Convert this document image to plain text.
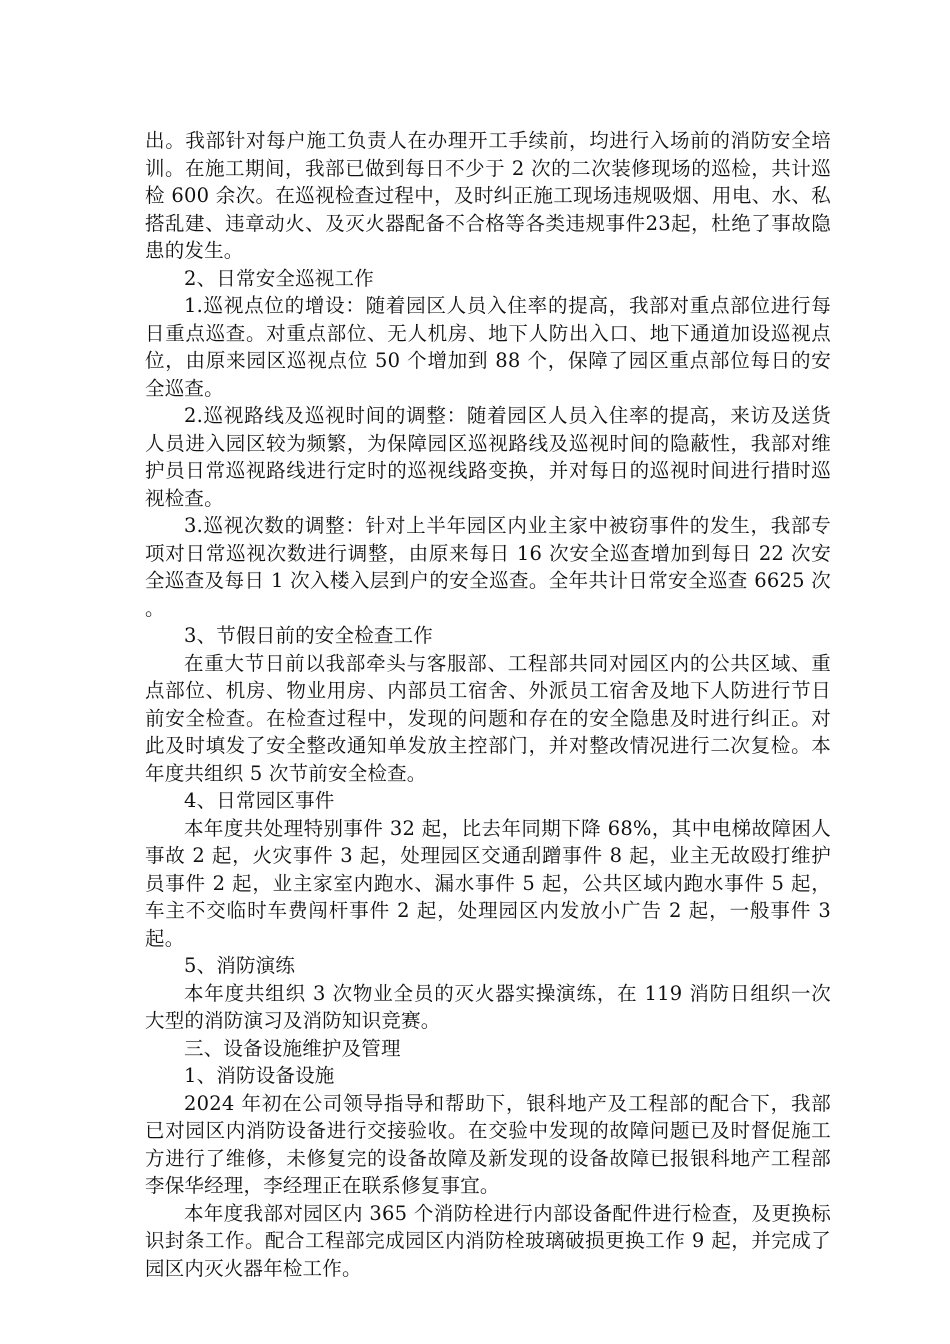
出。我部针对每户施工负责人在办理开工手续前，均进行入场前的消防安全培训。在施工期间，我部已做到每日不少于 2 次的二次装修现场的巡检，共计巡检 600 余次。在巡视检查过程中，及时纠正施工现场违规吸烟、用电、水、私搭乱建、违章动火、及灭火器配备不合格等各类违规事件23起，杜绝了事故隐患的发生。

2、日常安全巡视工作

1.巡视点位的增设：随着园区人员入住率的提高，我部对重点部位进行每日重点巡查。对重点部位、无人机房、地下人防出入口、地下通道加设巡视点位，由原来园区巡视点位 50 个增加到 88 个，保障了园区重点部位每日的安全巡查。

2.巡视路线及巡视时间的调整：随着园区人员入住率的提高，来访及送货人员进入园区较为频繁，为保障园区巡视路线及巡视时间的隐蔽性，我部对维护员日常巡视路线进行定时的巡视线路变换，并对每日的巡视时间进行措时巡视检查。

3.巡视次数的调整：针对上半年园区内业主家中被窃事件的发生，我部专项对日常巡视次数进行调整，由原来每日 16 次安全巡查增加到每日 22 次安全巡查及每日 1 次入楼入层到户的安全巡查。全年共计日常安全巡查 6625 次。

3、节假日前的安全检查工作

在重大节日前以我部牵头与客服部、工程部共同对园区内的公共区域、重点部位、机房、物业用房、内部员工宿舍、外派员工宿舍及地下人防进行节日前安全检查。在检查过程中，发现的问题和存在的安全隐患及时进行纠正。对此及时填发了安全整改通知单发放主控部门，并对整改情况进行二次复检。本年度共组织 5 次节前安全检查。

4、日常园区事件

本年度共处理特别事件 32 起，比去年同期下降 68%，其中电梯故障困人事故 2 起，火灾事件 3 起，处理园区交通刮蹭事件 8 起，业主无故殴打维护员事件 2 起，业主家室内跑水、漏水事件 5 起，公共区域内跑水事件 5 起，车主不交临时车费闯杆事件 2 起，处理园区内发放小广告 2 起，一般事件 3 起。

5、消防演练

本年度共组织 3 次物业全员的灭火器实操演练，在 119 消防日组织一次大型的消防演习及消防知识竞赛。

三、设备设施维护及管理

1、消防设备设施

2024 年初在公司领导指导和帮助下，银科地产及工程部的配合下，我部已对园区内消防设备进行交接验收。在交验中发现的故障问题已及时督促施工方进行了维修，未修复完的设备故障及新发现的设备故障已报银科地产工程部李保华经理，李经理正在联系修复事宜。

本年度我部对园区内 365 个消防栓进行内部设备配件进行检查，及更换标识封条工作。配合工程部完成园区内消防栓玻璃破损更换工作 9 起，并完成了园区内灭火器年检工作。
